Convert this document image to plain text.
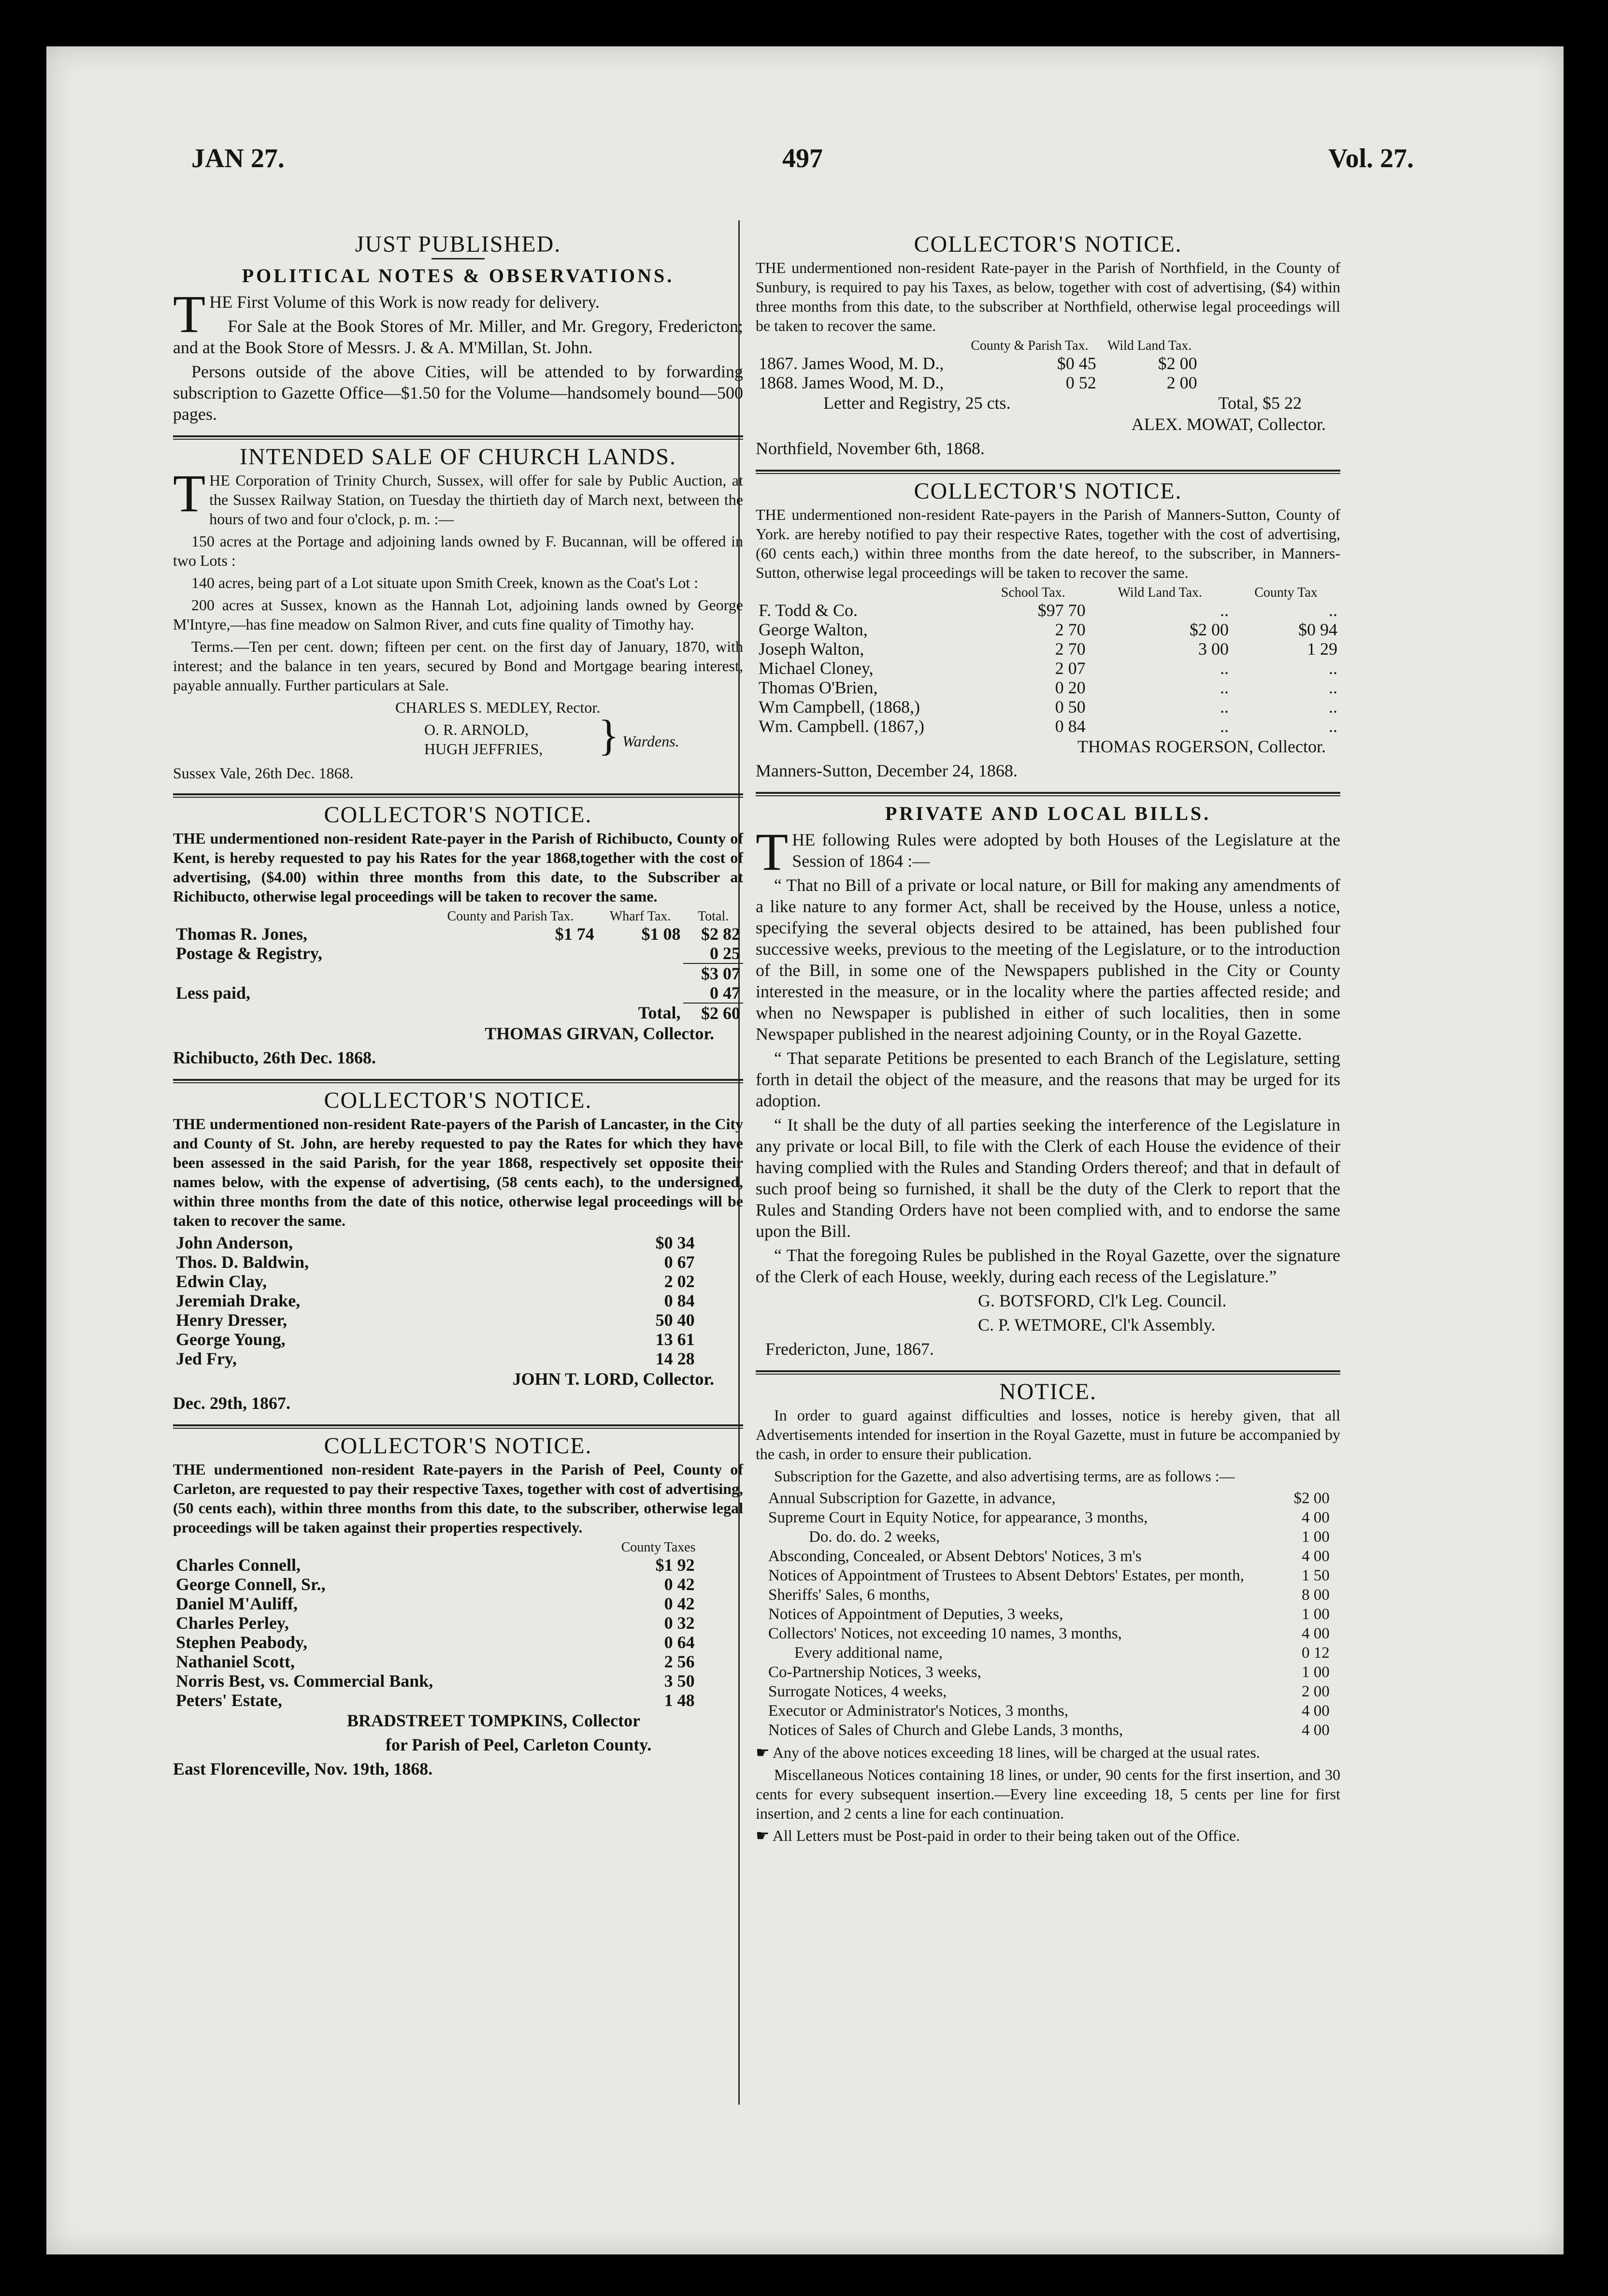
JAN 27.	497	Vol. 27.
JUST PUBLISHED.
POLITICAL NOTES & OBSERVATIONS.

THE First Volume of this Work is now ready for delivery.

For Sale at the Book Stores of Mr. Miller, and Mr. Gregory, Fredericton; and at the Book Store of Messrs. J. & A. M'Millan, St. John.

Persons outside of the above Cities, will be attended to by forwarding subscription to Gazette Office—$1.50 for the Volume—handsomely bound—500 pages.

INTENDED SALE OF CHURCH LANDS.

THE Corporation of Trinity Church, Sussex, will offer for sale by Public Auction, at the Sussex Railway Station, on Tuesday the thirtieth day of March next, between the hours of two and four o'clock, p. m. :—

150 acres at the Portage and adjoining lands owned by F. Bucannan, will be offered in two Lots :

140 acres, being part of a Lot situate upon Smith Creek, known as the Coat's Lot :

200 acres at Sussex, known as the Hannah Lot, adjoining lands owned by George M'Intyre,—has fine meadow on Salmon River, and cuts fine quality of Timothy hay.

Terms.—Ten per cent. down; fifteen per cent. on the first day of January, 1870, with interest; and the balance in ten years, secured by Bond and Mortgage bearing interest, payable annually. Further particulars at Sale.

CHARLES S. MEDLEY, Rector.

O. R. ARNOLD,
HUGH JEFFRIES,	} Wardens.

Sussex Vale, 26th Dec. 1868.

COLLECTOR'S NOTICE.

THE undermentioned non-resident Rate-payer in the Parish of Richibucto, County of Kent, is hereby requested to pay his Rates for the year 1868,together with the cost of advertising, ($4.00) within three months from this date, to the Subscriber at Richibucto, otherwise legal proceedings will be taken to recover the same.

	County and Parish Tax.	Wharf Tax.	Total.
Thomas R. Jones,	$1 74	$1 08	$2 82
Postage & Registry,			0 25
			$3 07
Less paid,			0 47
		Total,	$2 60

THOMAS GIRVAN, Collector.

Richibucto, 26th Dec. 1868.

COLLECTOR'S NOTICE.

THE undermentioned non-resident Rate-payers of the Parish of Lancaster, in the City and County of St. John, are hereby requested to pay the Rates for which they have been assessed in the said Parish, for the year 1868, respectively set opposite their names below, with the expense of advertising, (58 cents each), to the undersigned, within three months from the date of this notice, otherwise legal proceedings will be taken to recover the same.

John Anderson,	$0 34
Thos. D. Baldwin,	0 67
Edwin Clay,	2 02
Jeremiah Drake,	0 84
Henry Dresser,	50 40
George Young,	13 61
Jed Fry,	14 28

JOHN T. LORD, Collector.

Dec. 29th, 1867.

COLLECTOR'S NOTICE.

THE undermentioned non-resident Rate-payers in the Parish of Peel, County of Carleton, are requested to pay their respective Taxes, together with cost of advertising, (50 cents each), within three months from this date, to the subscriber, otherwise legal proceedings will be taken against their properties respectively.

	County Taxes
Charles Connell,	$1 92
George Connell, Sr.,	0 42
Daniel M'Auliff,	0 42
Charles Perley,	0 32
Stephen Peabody,	0 64
Nathaniel Scott,	2 56
Norris Best, vs. Commercial Bank,	3 50
Peters' Estate,	1 48

BRADSTREET TOMPKINS, Collector

for Parish of Peel, Carleton County.

East Florenceville, Nov. 19th, 1868.

COLLECTOR'S NOTICE.

THE undermentioned non-resident Rate-payer in the Parish of Northfield, in the County of Sunbury, is required to pay his Taxes, as below, together with cost of advertising, ($4) within three months from this date, to the subscriber at Northfield, otherwise legal proceedings will be taken to recover the same.

	County & Parish Tax.	Wild Land Tax.
1867. James Wood, M. D.,	$0 45	$2 00
1868. James Wood, M. D.,	0 52	2 00
Letter and Registry, 25 cts.	Total, $5 22

ALEX. MOWAT, Collector.

Northfield, November 6th, 1868.

COLLECTOR'S NOTICE.

THE undermentioned non-resident Rate-payers in the Parish of Manners-Sutton, County of York. are hereby notified to pay their respective Rates, together with the cost of advertising, (60 cents each,) within three months from the date hereof, to the subscriber, in Manners-Sutton, otherwise legal proceedings will be taken to recover the same.

	School Tax.	Wild Land Tax.	County Tax
F. Todd & Co.	$97 70	..	..
George Walton,	2 70	$2 00	$0 94
Joseph Walton,	2 70	3 00	1 29
Michael Cloney,	2 07	..	..
Thomas O'Brien,	0 20	..	..
Wm Campbell, (1868,)	0 50	..	..
Wm. Campbell. (1867,)	0 84	..	..

THOMAS ROGERSON, Collector.

Manners-Sutton, December 24, 1868.

PRIVATE AND LOCAL BILLS.

THE following Rules were adopted by both Houses of the Legislature at the Session of 1864 :—

“ That no Bill of a private or local nature, or Bill for making any amendments of a like nature to any former Act, shall be received by the House, unless a notice, specifying the several objects desired to be attained, has been published four successive weeks, previous to the meeting of the Legislature, or to the introduction of the Bill, in some one of the Newspapers published in the City or County interested in the measure, or in the locality where the parties affected reside; and when no Newspaper is published in either of such localities, then in some Newspaper published in the nearest adjoining County, or in the Royal Gazette.

“ That separate Petitions be presented to each Branch of the Legislature, setting forth in detail the object of the measure, and the reasons that may be urged for its adoption.

“ It shall be the duty of all parties seeking the interference of the Legislature in any private or local Bill, to file with the Clerk of each House the evidence of their having complied with the Rules and Standing Orders thereof; and that in default of such proof being so furnished, it shall be the duty of the Clerk to report that the Rules and Standing Orders have not been complied with, and to endorse the same upon the Bill.

“ That the foregoing Rules be published in the Royal Gazette, over the signature of the Clerk of each House, weekly, during each recess of the Legislature.”

G. BOTSFORD, Cl'k Leg. Council.

C. P. WETMORE, Cl'k Assembly.

Fredericton, June, 1867.

NOTICE.

In order to guard against difficulties and losses, notice is hereby given, that all Advertisements intended for insertion in the Royal Gazette, must in future be accompanied by the cash, in order to ensure their publication.

Subscription for the Gazette, and also advertising terms, are as follows :—

Annual Subscription for Gazette, in advance,	$2 00
Supreme Court in Equity Notice, for appearance, 3 months,	4 00
Do. do. do. 2 weeks,	1 00
Absconding, Concealed, or Absent Debtors' Notices, 3 m's	4 00
Notices of Appointment of Trustees to Absent Debtors' Estates, per month,	1 50
Sheriffs' Sales, 6 months,	8 00
Notices of Appointment of Deputies, 3 weeks,	1 00
Collectors' Notices, not exceeding 10 names, 3 months,	4 00
Every additional name,	0 12
Co-Partnership Notices, 3 weeks,	1 00
Surrogate Notices, 4 weeks,	2 00
Executor or Administrator's Notices, 3 months,	4 00
Notices of Sales of Church and Glebe Lands, 3 months,	4 00

☛ Any of the above notices exceeding 18 lines, will be charged at the usual rates.

Miscellaneous Notices containing 18 lines, or under, 90 cents for the first insertion, and 30 cents for every subsequent insertion.—Every line exceeding 18, 5 cents per line for first insertion, and 2 cents a line for each continuation.

☛ All Letters must be Post-paid in order to their being taken out of the Office.
